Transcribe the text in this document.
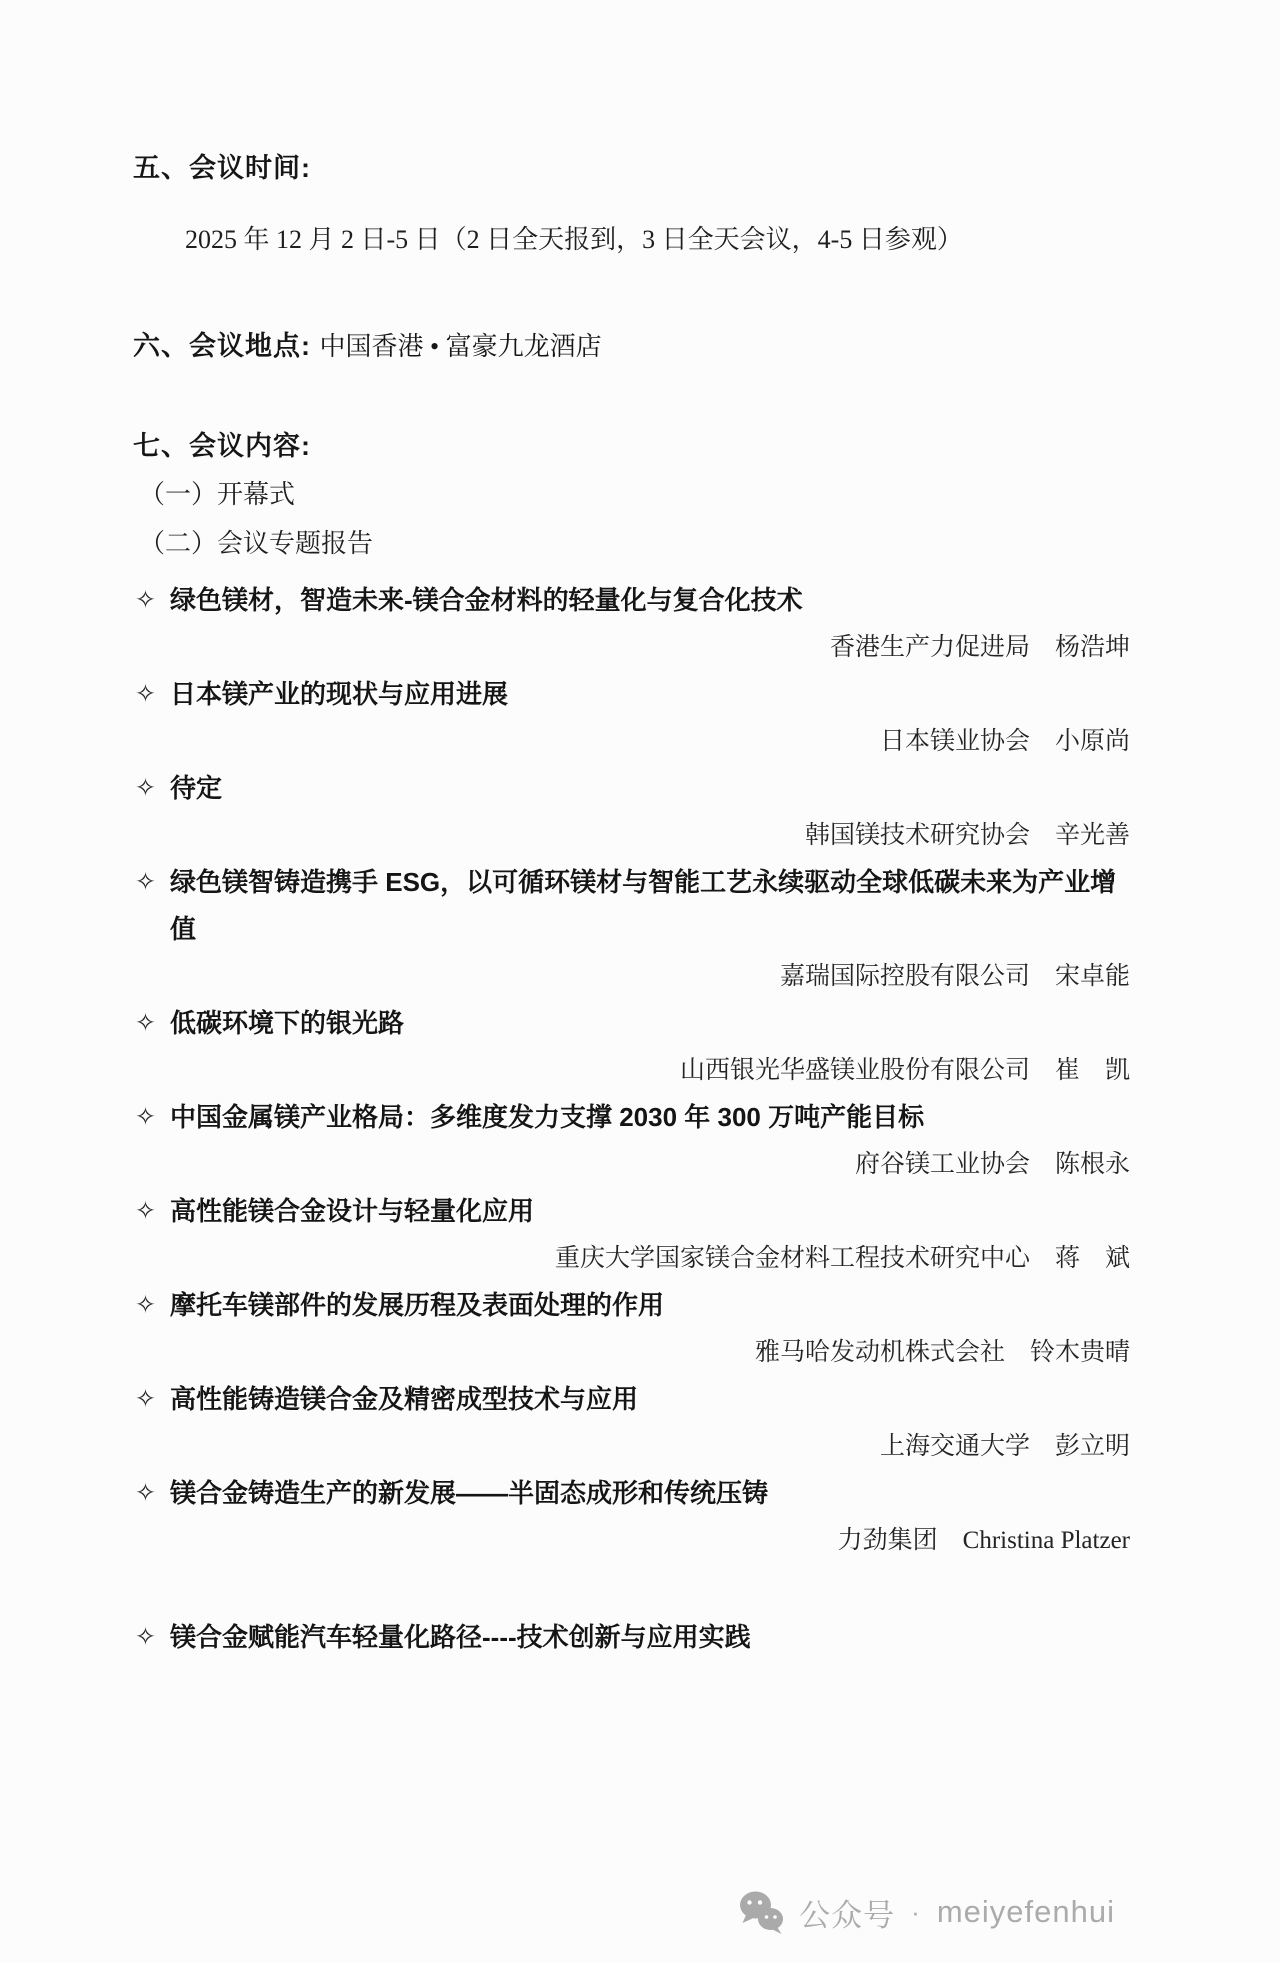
五、会议时间:
2025 年 12 月 2 日-5 日（2 日全天报到，3 日全天会议，4-5 日参观）
六、会议地点: 中国香港 • 富豪九龙酒店
七、会议内容:
（一）开幕式
（二）会议专题报告
✧ 绿色镁材，智造未来-镁合金材料的轻量化与复合化技术
香港生产力促进局　杨浩坤
✧ 日本镁产业的现状与应用进展
日本镁业协会　小原尚
✧ 待定
韩国镁技术研究协会　辛光善
✧ 绿色镁智铸造携手 ESG，以可循环镁材与智能工艺永续驱动全球低碳未来为产业增
值
嘉瑞国际控股有限公司　宋卓能
✧ 低碳环境下的银光路
山西银光华盛镁业股份有限公司　崔　凯
✧ 中国金属镁产业格局：多维度发力支撑 2030 年 300 万吨产能目标
府谷镁工业协会　陈根永
✧ 高性能镁合金设计与轻量化应用
重庆大学国家镁合金材料工程技术研究中心　蒋　斌
✧ 摩托车镁部件的发展历程及表面处理的作用
雅马哈发动机株式会社　铃木贵晴
✧ 高性能铸造镁合金及精密成型技术与应用
上海交通大学　彭立明
✧ 镁合金铸造生产的新发展——半固态成形和传统压铸
力劲集团　Christina Platzer
✧ 镁合金赋能汽车轻量化路径----技术创新与应用实践
公众号 · meiyefenhui
